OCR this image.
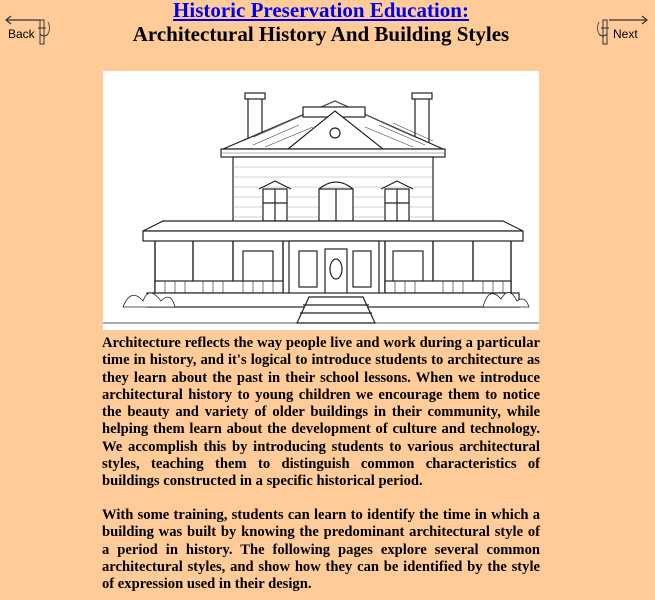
Back	Next
Historic Preservation Education:
Architectural History And Building Styles

Architecture reflects the way people live and work during a particular time in history, and it's logical to introduce students to architecture as they learn about the past in their school lessons. When we introduce architectural history to young children we encourage them to notice the beauty and variety of older buildings in their community, while helping them learn about the development of culture and technology. We accomplish this by introducing students to various architectural styles, teaching them to distinguish common characteristics of buildings constructed in a specific historical period.

With some training, students can learn to identify the time in which a building was built by knowing the predominant architectural style of a period in history. The following pages explore several common architectural styles, and show how they can be identified by the style of expression used in their design.
